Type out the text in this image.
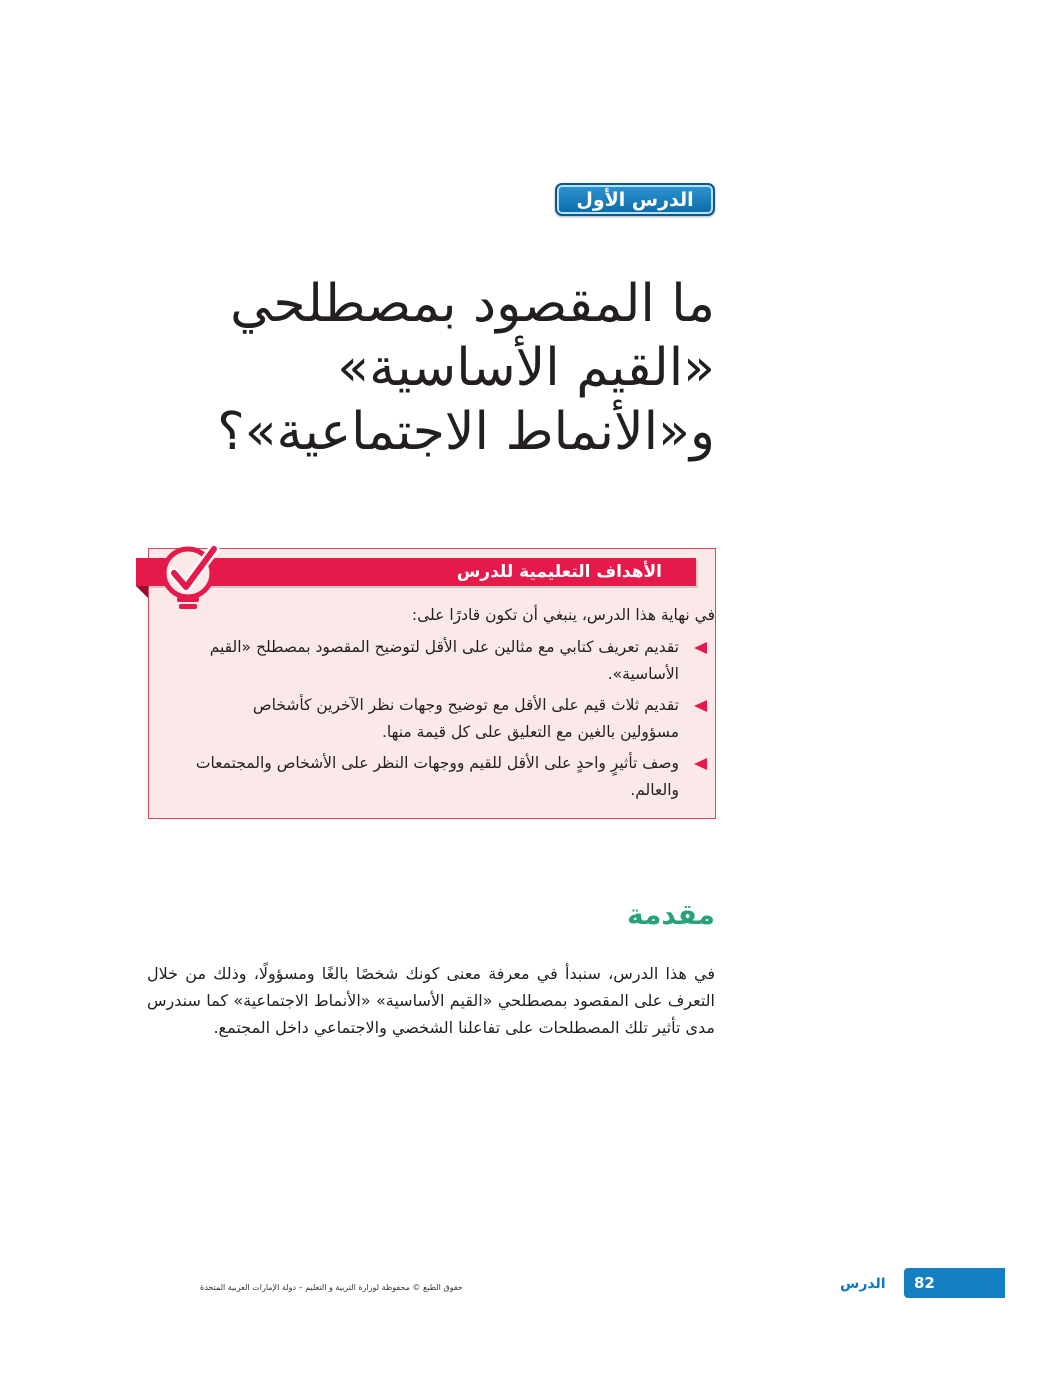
الدرس الأول
ما المقصود بمصطلحي «القيم الأساسية» و«الأنماط الاجتماعية»؟
الأهداف التعليمية للدرس

في نهاية هذا الدرس، ينبغي أن تكون قادرًا على:

تقديم تعريف كتابي مع مثالين على الأقل لتوضيح المقصود بمصطلح «القيم الأساسية».
تقديم ثلاث قيم على الأقل مع توضيح وجهات نظر الآخرين كأشخاص مسؤولين بالغين مع التعليق على كل قيمة منها.
وصف تأثيرٍ واحدٍ على الأقل للقيم ووجهات النظر على الأشخاص والمجتمعات والعالم.
مقدمة

في هذا الدرس، سنبدأ في معرفة معنى كونك شخصًا بالغًا ومسؤولًا، وذلك من خلال التعرف على المقصود بمصطلحي «القيم الأساسية» «الأنماط الاجتماعية» كما سندرس مدى تأثير تلك المصطلحات على تفاعلنا الشخصي والاجتماعي داخل المجتمع.

حقوق الطبع © محفوظة لوزارة التربية و التعليم – دولة الإمارات العربية المتحدة	الدرس 82
